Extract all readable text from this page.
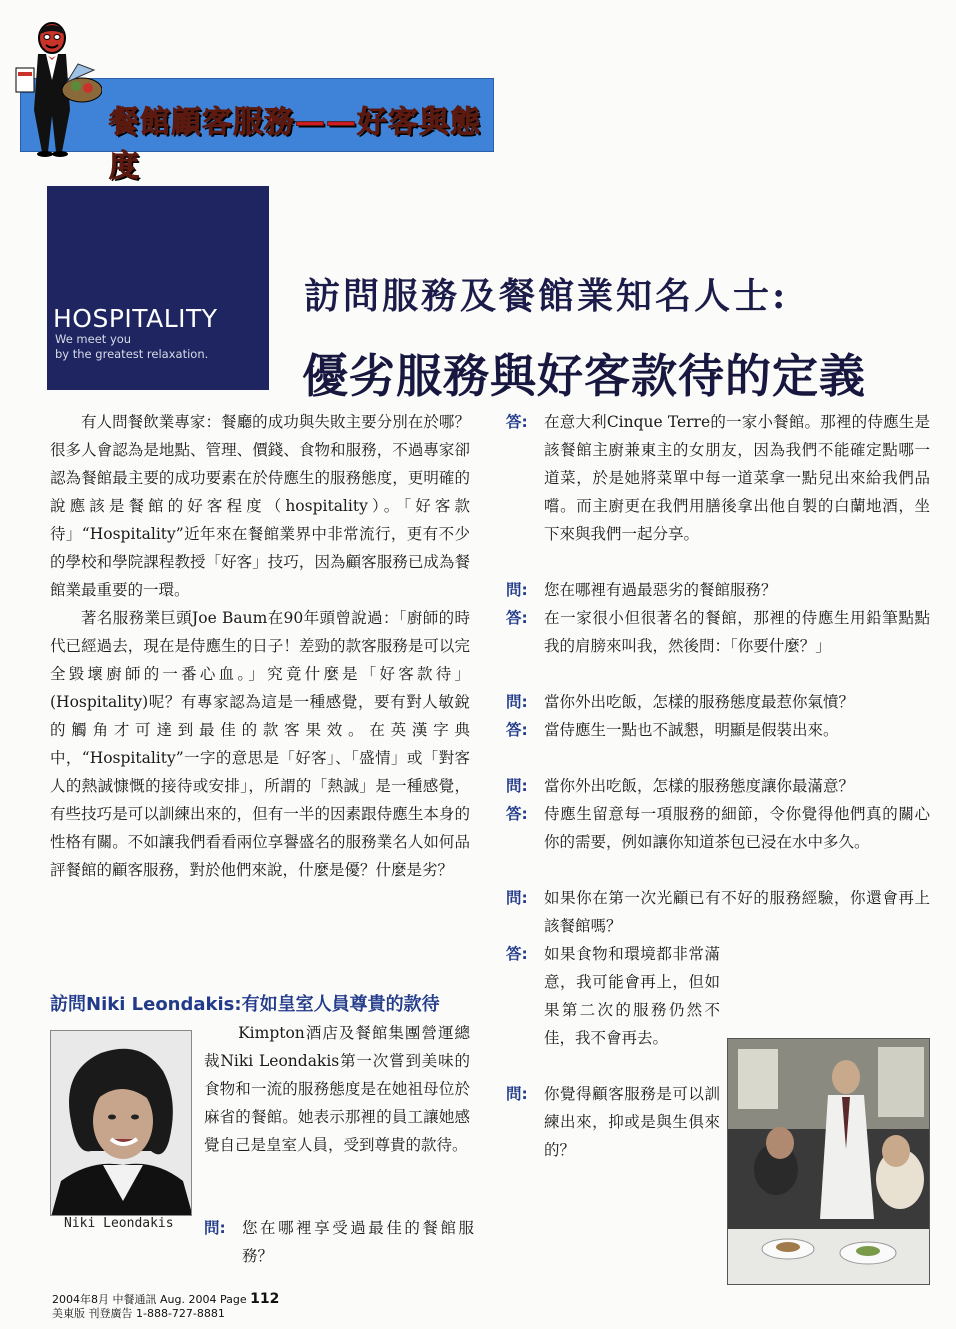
餐館顧客服務——好客與態度
HOSPITALITY
We meet you
by the greatest relaxation.
訪問服務及餐館業知名人士:
優劣服務與好客款待的定義

有人問餐飲業專家：餐廳的成功與失敗主要分別在於哪？很多人會認為是地點、管理、價錢、食物和服務，不過專家卻認為餐館最主要的成功要素在於侍應生的服務態度，更明確的說應該是餐館的好客程度（hospitality）。「好客款待」“Hospitality”近年來在餐館業界中非常流行，更有不少的學校和學院課程教授「好客」技巧，因為顧客服務已成為餐館業最重要的一環。

著名服務業巨頭Joe Baum在90年頭曾說過：「廚師的時代已經過去，現在是侍應生的日子！差勁的款客服務是可以完全毀壞廚師的一番心血。」究竟什麼是「好客款待」(Hospitality)呢？有專家認為這是一種感覺，要有對人敏銳的觸角才可達到最佳的款客果效。在英漢字典中，“Hospitality”一字的意思是「好客」、「盛情」或「對客人的熱誠慷慨的接待或安排」，所謂的「熱誠」是一種感覺，有些技巧是可以訓練出來的，但有一半的因素跟侍應生本身的性格有關。不如讓我們看看兩位享譽盛名的服務業名人如何品評餐館的顧客服務，對於他們來說，什麼是優？什麼是劣？

訪問Niki Leondakis:有如皇室人員尊貴的款待
Niki Leondakis

Kimpton酒店及餐館集團營運總裁Niki Leondakis第一次嘗到美味的食物和一流的服務態度是在她祖母位於麻省的餐館。她表示那裡的員工讓她感覺自己是皇室人員，受到尊貴的款待。

問:	您在哪裡享受過最佳的餐館服務？
答:	在意大利Cinque Terre的一家小餐館。那裡的侍應生是該餐館主廚兼東主的女朋友，因為我們不能確定點哪一道菜，於是她將菜單中每一道菜拿一點兒出來給我們品嚐。而主廚更在我們用膳後拿出他自製的白蘭地酒，坐下來與我們一起分享。
問:	您在哪裡有過最惡劣的餐館服務？
答:	在一家很小但很著名的餐館，那裡的侍應生用鉛筆點點我的肩膀來叫我，然後問：「你要什麼？」
問:	當你外出吃飯，怎樣的服務態度最惹你氣憤？
答:	當侍應生一點也不誠懇，明顯是假裝出來。
問:	當你外出吃飯，怎樣的服務態度讓你最滿意？
答:	侍應生留意每一項服務的細節，令你覺得他們真的關心你的需要，例如讓你知道茶包已浸在水中多久。
問:	如果你在第一次光顧已有不好的服務經驗，你還會再上該餐館嗎？
答:	如果食物和環境都非常滿意，我可能會再上，但如果第二次的服務仍然不佳，我不會再去。
問:	你覺得顧客服務是可以訓練出來，抑或是與生俱來的？
2004年8月 中餐通訊 Aug. 2004 Page 112
美東版 刊登廣告 1-888-727-8881
